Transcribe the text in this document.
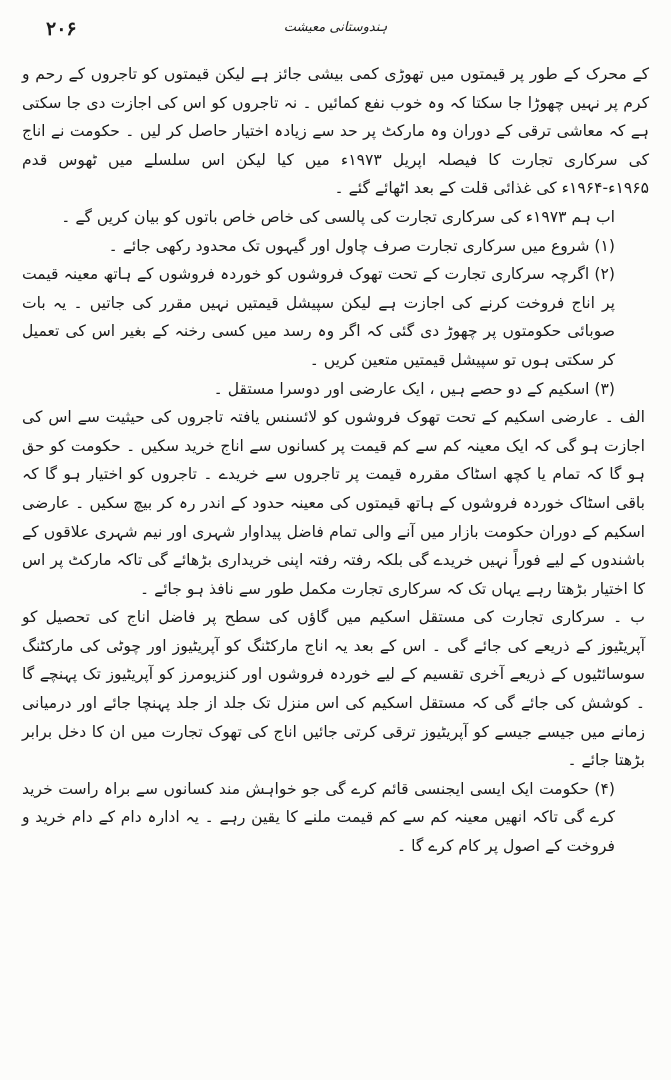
۲۰۶	ہندوستانی معیشت

کے محرک کے طور پر قیمتوں میں تھوڑی کمی بیشی جائز ہے لیکن قیمتوں کو تاجروں کے رحم و کرم پر نہیں چھوڑا جا سکتا کہ وہ خوب نفع کمائیں ۔ نہ تاجروں کو اس کی اجازت دی جا سکتی ہے کہ معاشی ترقی کے دوران وہ مارکٹ پر حد سے زیادہ اختیار حاصل کر لیں ۔ حکومت نے اناج کی سرکاری تجارت کا فیصلہ اپریل ۱۹۷۳ء میں کیا لیکن اس سلسلے میں ٹھوس قدم ۱۹۶۵ء-۱۹۶۴ء کی غذائی قلت کے بعد اٹھائے گئے ۔

اب ہم ۱۹۷۳ء کی سرکاری تجارت کی پالسی کی خاص خاص باتوں کو بیان کریں گے ۔

(۱) شروع میں سرکاری تجارت صرف چاول اور گیہوں تک محدود رکھی جائے ۔

(۲) اگرچہ سرکاری تجارت کے تحت تھوک فروشوں کو خوردہ فروشوں کے ہاتھ معینہ قیمت پر اناج فروخت کرنے کی اجازت ہے لیکن سپیشل قیمتیں نہیں مقرر کی جاتیں ۔ یہ بات صوبائی حکومتوں پر چھوڑ دی گئی کہ اگر وہ رسد میں کسی رخنہ کے بغیر اس کی تعمیل کر سکتی ہوں تو سپیشل قیمتیں متعین کریں ۔

(۳) اسکیم کے دو حصے ہیں ، ایک عارضی اور دوسرا مستقل ۔

الف ۔ عارضی اسکیم کے تحت تھوک فروشوں کو لائسنس یافتہ تاجروں کی حیثیت سے اس کی اجازت ہو گی کہ ایک معینہ کم سے کم قیمت پر کسانوں سے اناج خرید سکیں ۔ حکومت کو حق ہو گا کہ تمام یا کچھ اسٹاک مقررہ قیمت پر تاجروں سے خریدے ۔ تاجروں کو اختیار ہو گا کہ باقی اسٹاک خوردہ فروشوں کے ہاتھ قیمتوں کی معینہ حدود کے اندر رہ کر بیچ سکیں ۔ عارضی اسکیم کے دوران حکومت بازار میں آنے والی تمام فاضل پیداوار شہری اور نیم شہری علاقوں کے باشندوں کے لیے فوراً نہیں خریدے گی بلکہ رفتہ رفتہ اپنی خریداری بڑھائے گی تاکہ مارکٹ پر اس کا اختیار بڑھتا رہے یہاں تک کہ سرکاری تجارت مکمل طور سے نافذ ہو جائے ۔

ب ۔ سرکاری تجارت کی مستقل اسکیم میں گاؤں کی سطح پر فاضل اناج کی تحصیل کو آپریٹیوز کے ذریعے کی جائے گی ۔ اس کے بعد یہ اناج مارکٹنگ کو آپریٹیوز اور چوٹی کی مارکٹنگ سوسائٹیوں کے ذریعے آخری تقسیم کے لیے خوردہ فروشوں اور کنزیومرز کو آپریٹیوز تک پہنچے گا ۔ کوشش کی جائے گی کہ مستقل اسکیم کی اس منزل تک جلد از جلد پہنچا جائے اور درمیانی زمانے میں جیسے جیسے کو آپریٹیوز ترقی کرتی جائیں اناج کی تھوک تجارت میں ان کا دخل برابر بڑھتا جائے ۔

(۴) حکومت ایک ایسی ایجنسی قائم کرے گی جو خواہش مند کسانوں سے براہ راست خرید کرے گی تاکہ انھیں معینہ کم سے کم قیمت ملنے کا یقین رہے ۔ یہ ادارہ دام کے دام خرید و فروخت کے اصول پر کام کرے گا ۔
